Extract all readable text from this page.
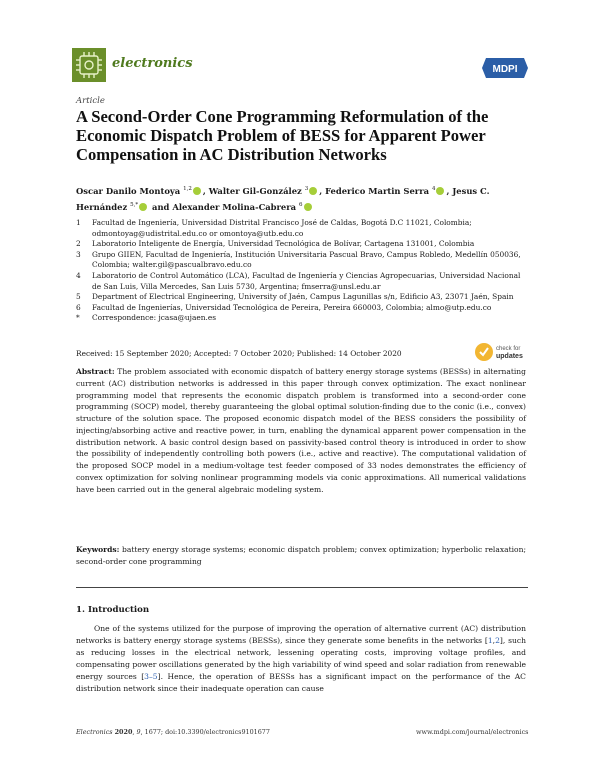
electronics	MDPI
Article
A Second-Order Cone Programming Reformulation of the Economic Dispatch Problem of BESS for Apparent Power Compensation in AC Distribution Networks
Oscar Danilo Montoya $^{1,2}$ , Walter Gil-González $^3$ , Federico Martin Serra $^4$ , Jesus C. Hernández $^{5,*}$ and Alexander Molina-Cabrera $^6$
1	Facultad de Ingeniería, Universidad Distrital Francisco José de Caldas, Bogotá D.C 11021, Colombia; odmontoyag@udistrital.edu.co or omontoya@utb.edu.co
2	Laboratorio Inteligente de Energía, Universidad Tecnológica de Bolívar, Cartagena 131001, Colombia
3	Grupo GIIEN, Facultad de Ingeniería, Institución Universitaria Pascual Bravo, Campus Robledo, Medellín 050036, Colombia; walter.gil@pascualbravo.edu.co
4	Laboratorio de Control Automático (LCA), Facultad de Ingeniería y Ciencias Agropecuarias, Universidad Nacional de San Luis, Villa Mercedes, San Luis 5730, Argentina; fmserra@unsl.edu.ar
5	Department of Electrical Engineering, University of Jaén, Campus Lagunillas s/n, Edificio A3, 23071 Jaén, Spain
6	Facultad de Ingenierías, Universidad Tecnológica de Pereira, Pereira 660003, Colombia; almo@utp.edu.co
*	Correspondence: jcasa@ujaen.es
check for
updates
Received: 15 September 2020; Accepted: 7 October 2020; Published: 14 October 2020
Abstract: The problem associated with economic dispatch of battery energy storage systems (BESSs) in alternating current (AC) distribution networks is addressed in this paper through convex optimization. The exact nonlinear programming model that represents the economic dispatch problem is transformed into a second-order cone programming (SOCP) model, thereby guaranteeing the global optimal solution-finding due to the conic (i.e., convex) structure of the solution space. The proposed economic dispatch model of the BESS considers the possibility of injecting/absorbing active and reactive power, in turn, enabling the dynamical apparent power compensation in the distribution network. A basic control design based on passivity-based control theory is introduced in order to show the possibility of independently controlling both powers (i.e., active and reactive). The computational validation of the proposed SOCP model in a medium-voltage test feeder composed of 33 nodes demonstrates the efficiency of convex optimization for solving nonlinear programming models via conic approximations. All numerical validations have been carried out in the general algebraic modeling system.
Keywords: battery energy storage systems; economic dispatch problem; convex optimization; hyperbolic relaxation; second-order cone programming
1. Introduction
One of the systems utilized for the purpose of improving the operation of alternative current (AC) distribution networks is battery energy storage systems (BESSs), since they generate some benefits in the networks [1,2], such as reducing losses in the electrical network, lessening operating costs, improving voltage profiles, and compensating power oscillations generated by the high variability of wind speed and solar radiation from renewable energy sources [3–5]. Hence, the operation of BESSs has a significant impact on the performance of the AC distribution network since their inadequate operation can cause
Electronics 2020, 9, 1677; doi:10.3390/electronics9101677	www.mdpi.com/journal/electronics
